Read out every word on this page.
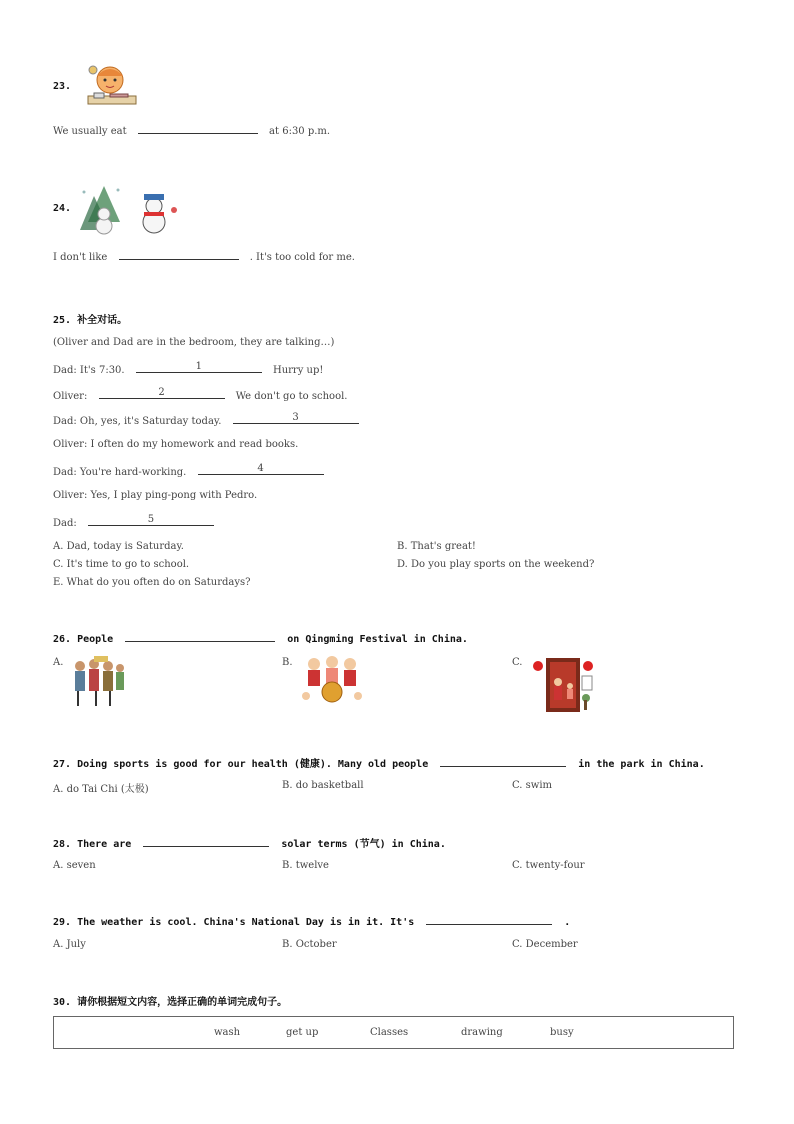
23.
We usually eat	at 6:30 p.m.
24.
I don't like	. It's too cold for me.
25. 补全对话。
(Oliver and Dad are in the bedroom, they are talking…)
Dad: It's 7:30.	1	Hurry up!
Oliver:	2	We don't go to school.
Dad: Oh, yes, it's Saturday today.	3
Oliver: I often do my homework and read books.
Dad: You're hard-working.	4
Oliver: Yes, I play ping-pong with Pedro.
Dad:	5
A. Dad, today is Saturday.	B. That's great!
C. It's time to go to school.	D. Do you play sports on the weekend?
E. What do you often do on Saturdays?
26. People	on Qingming Festival in China.
A.	B.	C.
27. Doing sports is good for our health (健康). Many old people	in the park in China.
A. do Tai Chi (太极)	B. do basketball	C. swim
28. There are	solar terms (节气) in China.
A. seven	B. twelve	C. twenty-four
29. The weather is cool. China's National Day is in it. It's	.
A. July	B. October	C. December
30. 请你根据短文内容，选择正确的单词完成句子。
wash	get up	Classes	drawing	busy
